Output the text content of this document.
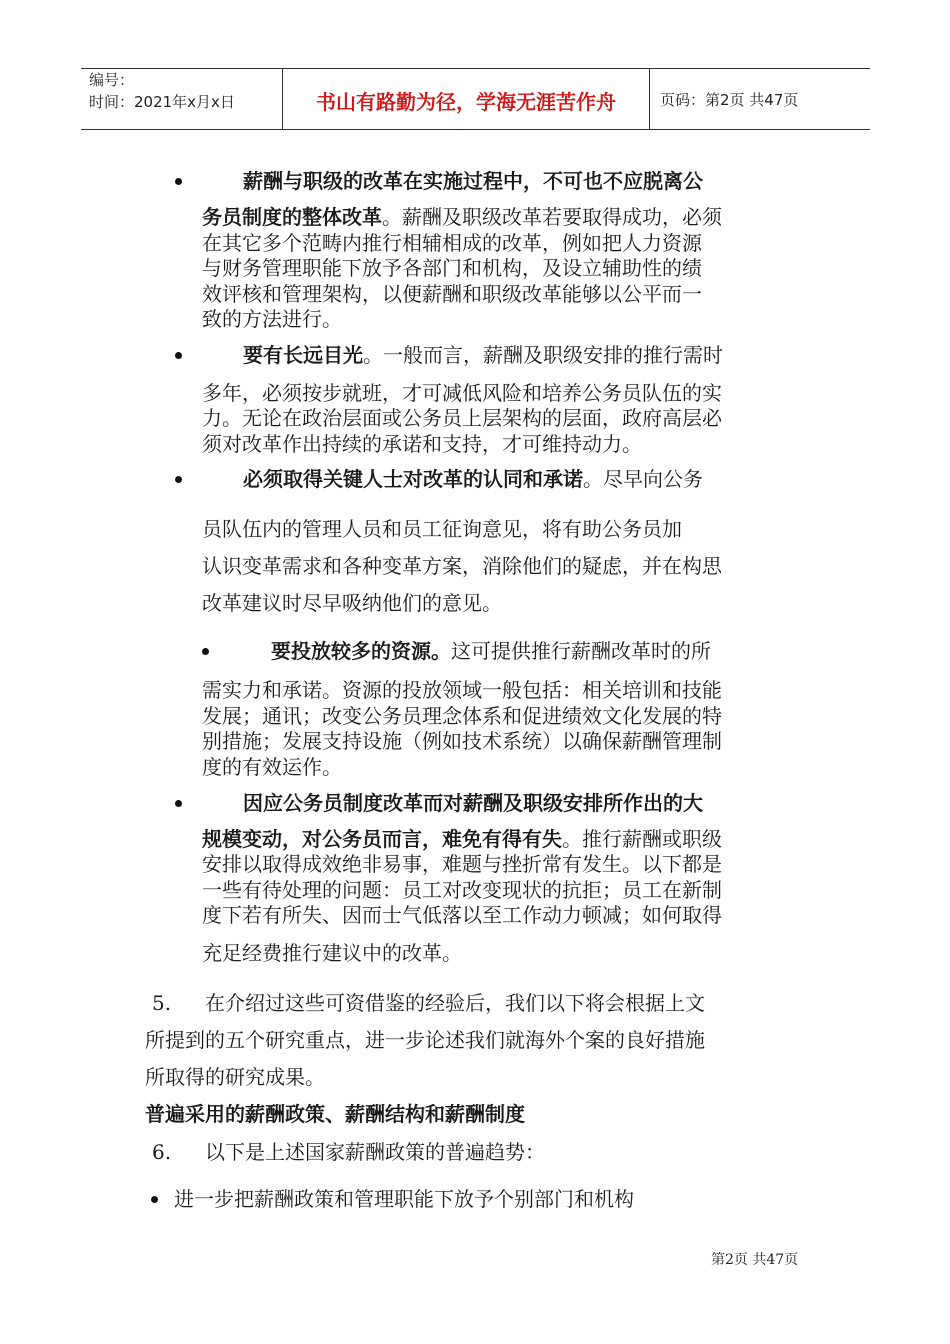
编号：
时间：2021年x月x日	书山有路勤为径，学海无涯苦作舟	页码：第2页 共47页
薪酬与职级的改革在实施过程中，不可也不应脱离公
务员制度的整体改革。薪酬及职级改革若要取得成功，必须
在其它多个范畴内推行相辅相成的改革，例如把人力资源
与财务管理职能下放予各部门和机构，及设立辅助性的绩
效评核和管理架构，以便薪酬和职级改革能够以公平而一
致的方法进行。
要有长远目光。一般而言，薪酬及职级安排的推行需时
多年，必须按步就班，才可减低风险和培养公务员队伍的实
力。无论在政治层面或公务员上层架构的层面，政府高层必
须对改革作出持续的承诺和支持，才可维持动力。
必须取得关键人士对改革的认同和承诺。尽早向公务
员队伍内的管理人员和员工征询意见，将有助公务员加
认识变革需求和各种变革方案，消除他们的疑虑，并在构思
改革建议时尽早吸纳他们的意见。
要投放较多的资源。这可提供推行薪酬改革时的所
需实力和承诺。资源的投放领域一般包括：相关培训和技能
发展；通讯；改变公务员理念体系和促进绩效文化发展的特
别措施；发展支持设施（例如技术系统）以确保薪酬管理制
度的有效运作。
因应公务员制度改革而对薪酬及职级安排所作出的大
规模变动，对公务员而言，难免有得有失。推行薪酬或职级
安排以取得成效绝非易事，难题与挫折常有发生。以下都是
一些有待处理的问题：员工对改变现状的抗拒；员工在新制
度下若有所失、因而士气低落以至工作动力顿减；如何取得
充足经费推行建议中的改革。
5. 在介绍过这些可资借鉴的经验后，我们以下将会根据上文
所提到的五个研究重点，进一步论述我们就海外个案的良好措施
所取得的研究成果。
普遍采用的薪酬政策、薪酬结构和薪酬制度
6. 以下是上述国家薪酬政策的普遍趋势：
进一步把薪酬政策和管理职能下放予个别部门和机构
第2页 共47页
